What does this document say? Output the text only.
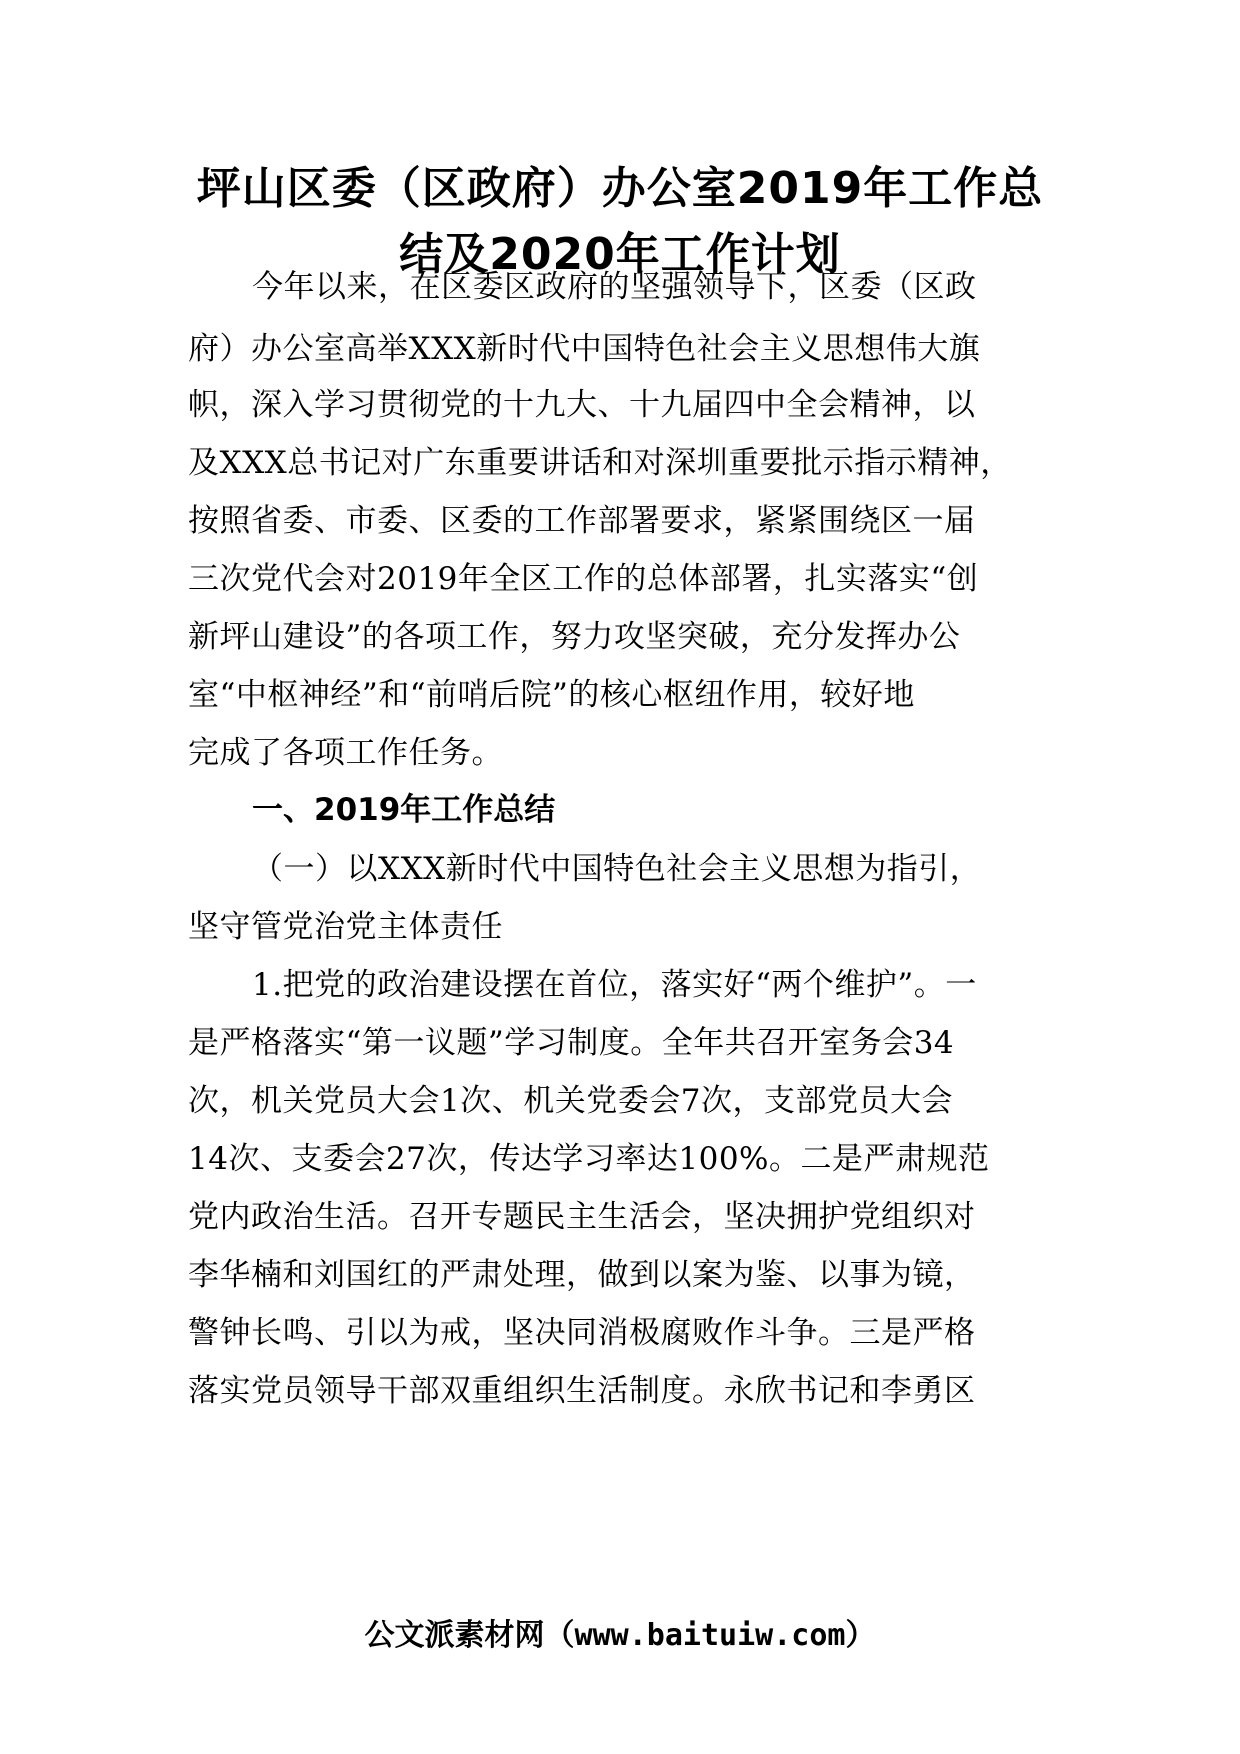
坪山区委（区政府）办公室2019年工作总
结及2020年工作计划
今年以来，在区委区政府的坚强领导下，区委（区政
府）办公室高举XXX新时代中国特色社会主义思想伟大旗
帜，深入学习贯彻党的十九大、十九届四中全会精神，以
及XXX总书记对广东重要讲话和对深圳重要批示指示精神，
按照省委、市委、区委的工作部署要求，紧紧围绕区一届
三次党代会对2019年全区工作的总体部署，扎实落实“创
新坪山建设”的各项工作，努力攻坚突破，充分发挥办公
室“中枢神经”和“前哨后院”的核心枢纽作用，较好地
完成了各项工作任务。
一、2019年工作总结
（一）以XXX新时代中国特色社会主义思想为指引，
坚守管党治党主体责任
1.把党的政治建设摆在首位，落实好“两个维护”。一
是严格落实“第一议题”学习制度。全年共召开室务会34
次，机关党员大会1次、机关党委会7次，支部党员大会
14次、支委会27次，传达学习率达100%。二是严肃规范
党内政治生活。召开专题民主生活会，坚决拥护党组织对
李华楠和刘国红的严肃处理，做到以案为鉴、以事为镜，
警钟长鸣、引以为戒，坚决同消极腐败作斗争。三是严格
落实党员领导干部双重组织生活制度。永欣书记和李勇区
公文派素材网（www.baituiw.com）
